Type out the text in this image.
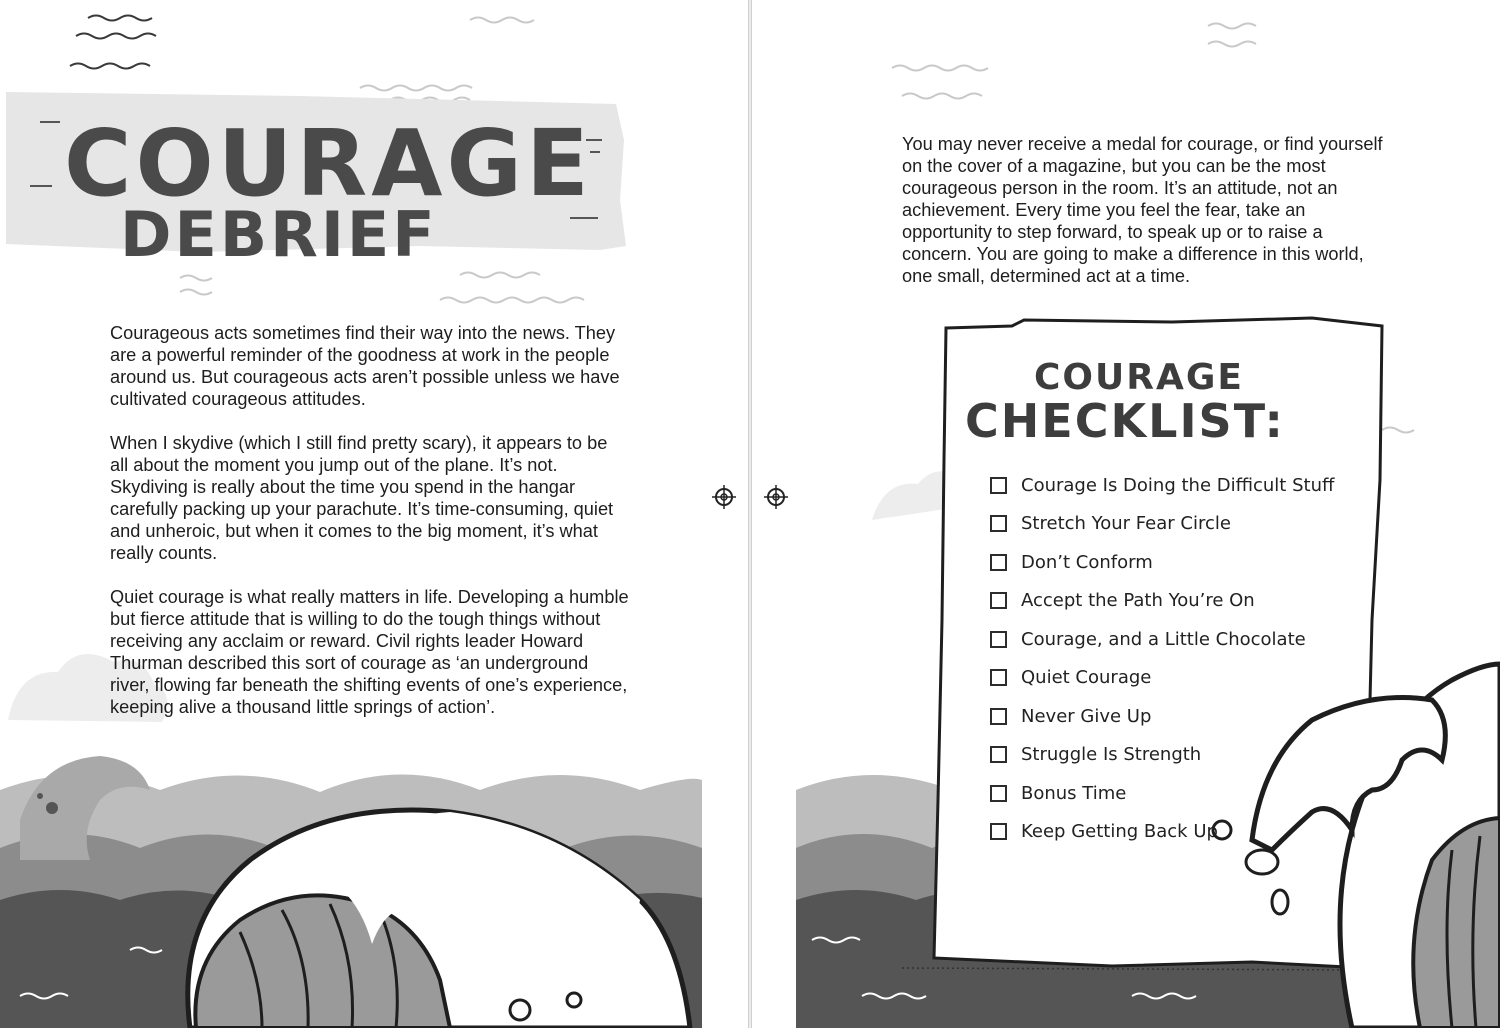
COURAGE
DEBRIEF

Courageous acts sometimes find their way into the news. They are a powerful reminder of the goodness at work in the people around us. But courageous acts aren’t possible unless we have cultivated courageous attitudes.

When I skydive (which I still find pretty scary), it appears to be all about the moment you jump out of the plane. It’s not. Skydiving is really about the time you spend in the hangar carefully packing up your parachute. It’s time-consuming, quiet and unheroic, but when it comes to the big moment, it’s what really counts.

Quiet courage is what really matters in life. Developing a humble but fierce attitude that is willing to do the tough things without receiving any acclaim or reward. Civil rights leader Howard Thurman described this sort of courage as ‘an underground river, flowing far beneath the shifting events of one’s experience, keeping alive a thousand little springs of action’.

You may never receive a medal for courage, or find yourself on the cover of a magazine, but you can be the most courageous person in the room. It’s an attitude, not an achievement. Every time you feel the fear, take an opportunity to step forward, to speak up or to raise a concern. You are going to make a difference in this world, one small, determined act at a time.
COURAGE
CHECKLIST:
Courage Is Doing the Difficult Stuff
Stretch Your Fear Circle
Don’t Conform
Accept the Path You’re On
Courage, and a Little Chocolate
Quiet Courage
Never Give Up
Struggle Is Strength
Bonus Time
Keep Getting Back Up
